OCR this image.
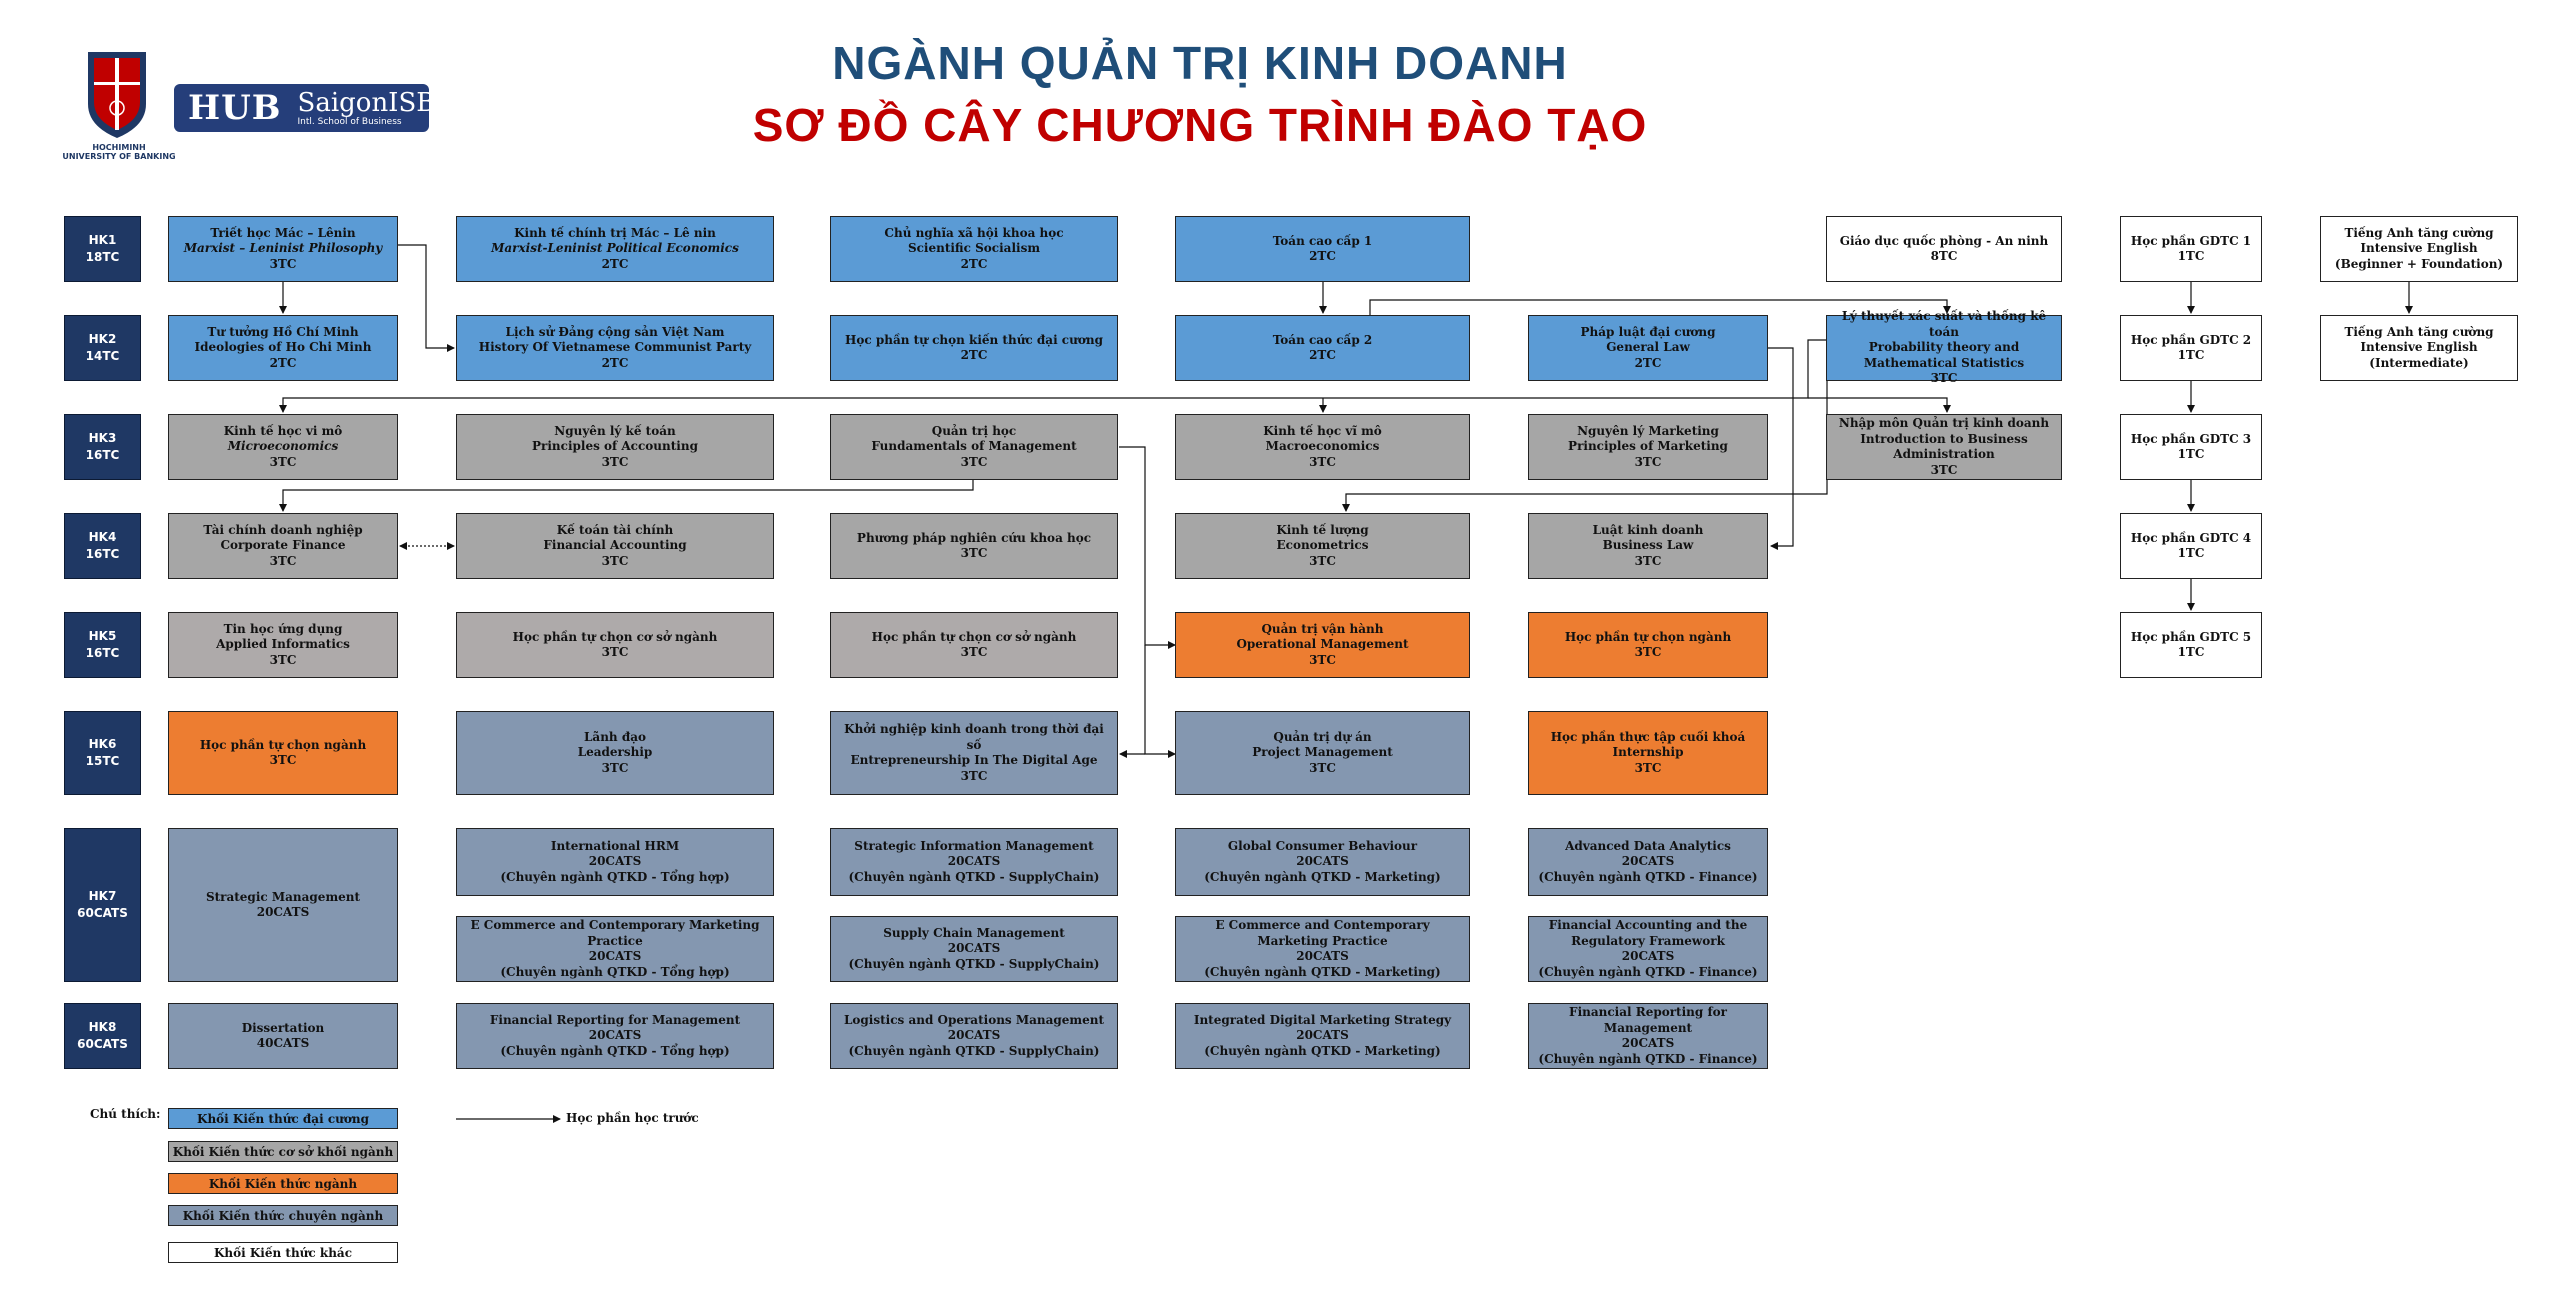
HOCHIMINH
UNIVERSITY OF BANKING
HUB SaigonISB
Intl. School of Business
NGÀNH QUẢN TRỊ KINH DOANH
SƠ ĐỒ CÂY CHƯƠNG TRÌNH ĐÀO TẠO
HK1
18TC
HK2
14TC
HK3
16TC
HK4
16TC
HK5
16TC
HK6
15TC
HK7
60CATS
HK8
60CATS
Triết học Mác – Lênin
Marxist – Leninist Philosophy
3TC
Kinh tế chính trị Mác – Lê nin
Marxist-Leninist Political Economics
2TC
Chủ nghĩa xã hội khoa học
Scientific Socialism
2TC
Toán cao cấp 1
2TC
Giáo dục quốc phòng - An ninh
8TC
Học phần GDTC 1
1TC
Tiếng Anh tăng cường
Intensive English
(Beginner + Foundation)
Tư tưởng Hồ Chí Minh
Ideologies of Ho Chi Minh
2TC
Lịch sử Đảng cộng sản Việt Nam
History Of Vietnamese Communist Party
2TC
Học phần tự chọn kiến thức đại cương
2TC
Toán cao cấp 2
2TC
Pháp luật đại cương
General Law
2TC
Lý thuyết xác suất và thống kê toán
Probability theory and Mathematical Statistics
3TC
Học phần GDTC 2
1TC
Tiếng Anh tăng cường
Intensive English
(Intermediate)
Kinh tế học vi mô
Microeconomics
3TC
Nguyên lý kế toán
Principles of Accounting
3TC
Quản trị học
Fundamentals of Management
3TC
Kinh tế học vĩ mô
Macroeconomics
3TC
Nguyên lý Marketing
Principles of Marketing
3TC
Nhập môn Quản trị kinh doanh
Introduction to Business Administration
3TC
Học phần GDTC 3
1TC
Tài chính doanh nghiệp
Corporate Finance
3TC
Kế toán tài chính
Financial Accounting
3TC
Phương pháp nghiên cứu khoa học
3TC
Kinh tế lượng
Econometrics
3TC
Luật kinh doanh
Business Law
3TC
Học phần GDTC 4
1TC
Tin học ứng dụng
Applied Informatics
3TC
Học phần tự chọn cơ sở ngành
3TC
Học phần tự chọn cơ sở ngành
3TC
Quản trị vận hành
Operational Management
3TC
Học phần tự chọn ngành
3TC
Học phần GDTC 5
1TC
Học phần tự chọn ngành
3TC
Lãnh đạo
Leadership
3TC
Khởi nghiệp kinh doanh trong thời đại số
Entrepreneurship In The Digital Age
3TC
Quản trị dự án
Project Management
3TC
Học phần thực tập cuối khoá
Internship
3TC
Strategic Management
20CATS
International HRM
20CATS
(Chuyên ngành QTKD - Tổng hợp)
Strategic Information Management
20CATS
(Chuyên ngành QTKD - SupplyChain)
Global Consumer Behaviour
20CATS
(Chuyên ngành QTKD - Marketing)
Advanced Data Analytics
20CATS
(Chuyên ngành QTKD - Finance)
E Commerce and Contemporary Marketing Practice
20CATS
(Chuyên ngành QTKD - Tổng hợp)
Supply Chain Management
20CATS
(Chuyên ngành QTKD - SupplyChain)
E Commerce and Contemporary Marketing Practice
20CATS
(Chuyên ngành QTKD - Marketing)
Financial Accounting and the Regulatory Framework
20CATS
(Chuyên ngành QTKD - Finance)
Dissertation
40CATS
Financial Reporting for Management
20CATS
(Chuyên ngành QTKD - Tổng hợp)
Logistics and Operations Management
20CATS
(Chuyên ngành QTKD - SupplyChain)
Integrated Digital Marketing Strategy
20CATS
(Chuyên ngành QTKD - Marketing)
Financial Reporting for Management
20CATS
(Chuyên ngành QTKD - Finance)
Chú thích:	Khối Kiến thức đại cương
Khối Kiến thức cơ sở khối ngành
Khối Kiến thức ngành
Khối Kiến thức chuyên ngành
Khối Kiến thức khác
Học phần học trước
